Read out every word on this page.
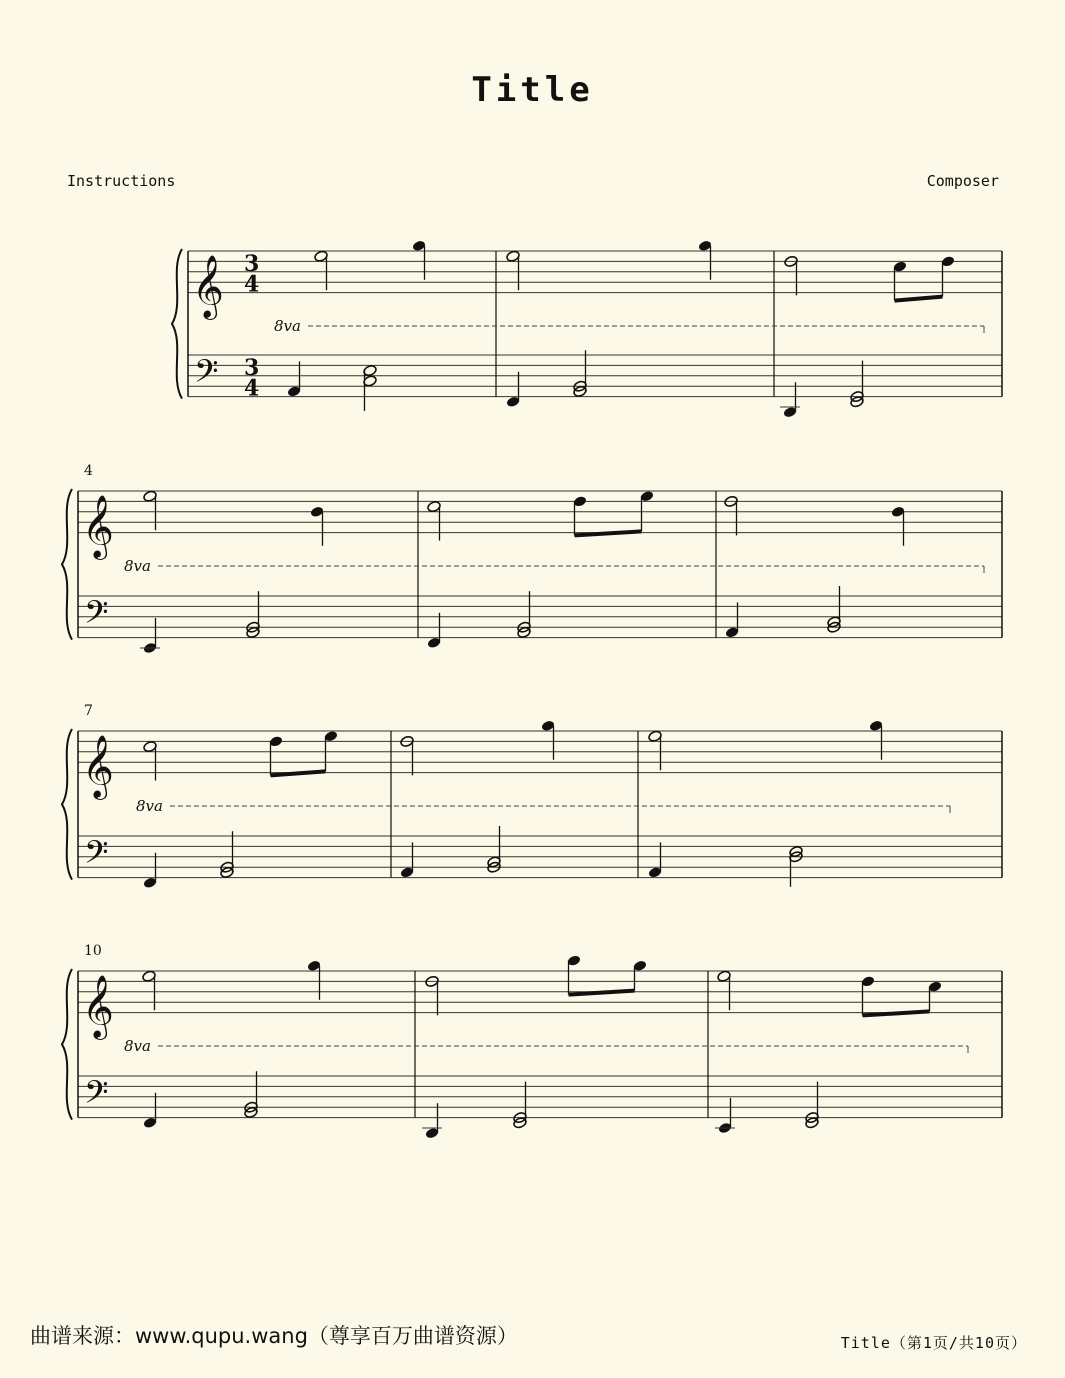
Title
Instructions	Composer
𝄞
𝄢
3
4
3
4
8va
𝄞
𝄢
4
8va
𝄞
𝄢
7
8va
𝄞
𝄢
10
8va
曲谱来源：www.qupu.wang（尊享百万曲谱资源）	Title（第1页/共10页）
